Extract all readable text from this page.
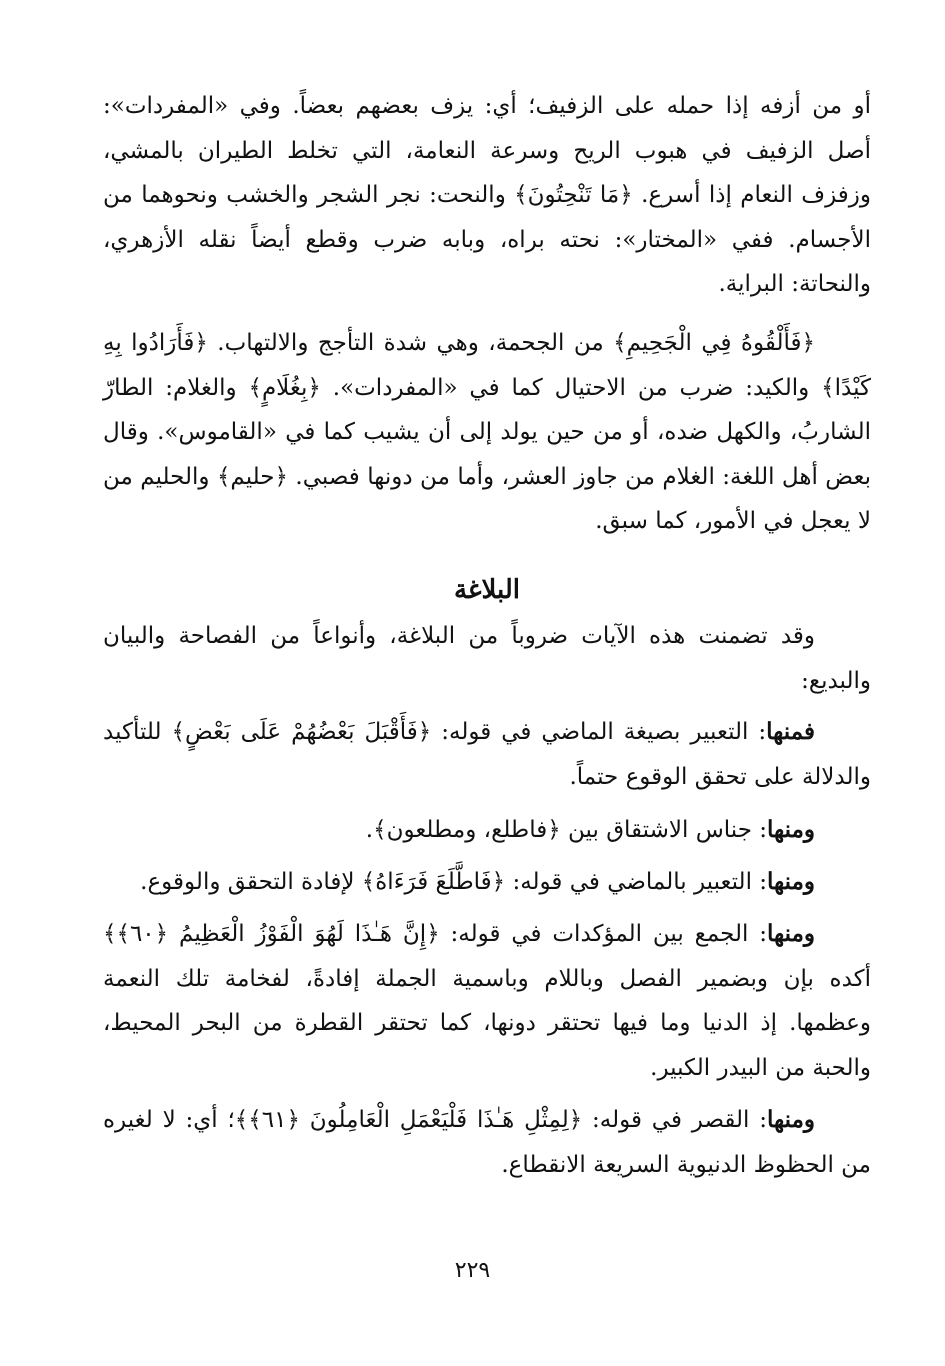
أو من أزفه إذا حمله على الزفيف؛ أي: يزف بعضهم بعضاً. وفي «المفردات»: أصل الزفيف في هبوب الريح وسرعة النعامة، التي تخلط الطيران بالمشي، وزفزف النعام إذا أسرع. ﴿مَا تَنْحِتُونَ﴾ والنحت: نجر الشجر والخشب ونحوهما من الأجسام. ففي «المختار»: نحته براه، وبابه ضرب وقطع أيضاً نقله الأزهري، والنحاتة: البراية.

﴿فَأَلْقُوهُ فِي الْجَحِيمِ﴾ من الجحمة، وهي شدة التأجج والالتهاب. ﴿فَأَرَادُوا بِهِ كَيْدًا﴾ والكيد: ضرب من الاحتيال كما في «المفردات». ﴿بِغُلَامٍ﴾ والغلام: الطارّ الشاربُ، والكهل ضده، أو من حين يولد إلى أن يشيب كما في «القاموس». وقال بعض أهل اللغة: الغلام من جاوز العشر، وأما من دونها فصبي. ﴿حليم﴾ والحليم من لا يعجل في الأمور، كما سبق.

البلاغة

وقد تضمنت هذه الآيات ضروباً من البلاغة، وأنواعاً من الفصاحة والبيان والبديع:

فمنها: التعبير بصيغة الماضي في قوله: ﴿فَأَقْبَلَ بَعْضُهُمْ عَلَى بَعْضٍ﴾ للتأكيد والدلالة على تحقق الوقوع حتماً.

ومنها: جناس الاشتقاق بين ﴿فاطلع، ومطلعون﴾.

ومنها: التعبير بالماضي في قوله: ﴿فَاطَّلَعَ فَرَءَاهُ﴾ لإفادة التحقق والوقوع.

ومنها: الجمع بين المؤكدات في قوله: ﴿إِنَّ هَـٰذَا لَهُوَ الْفَوْزُ الْعَظِيمُ ﴿٦٠﴾﴾ أكده بإن وبضمير الفصل وباللام وباسمية الجملة إفادةً، لفخامة تلك النعمة وعظمها. إذ الدنيا وما فيها تحتقر دونها، كما تحتقر القطرة من البحر المحيط، والحبة من البيدر الكبير.

ومنها: القصر في قوله: ﴿لِمِثْلِ هَـٰذَا فَلْيَعْمَلِ الْعَامِلُونَ ﴿٦١﴾﴾؛ أي: لا لغيره من الحظوظ الدنيوية السريعة الانقطاع.

٢٢٩
